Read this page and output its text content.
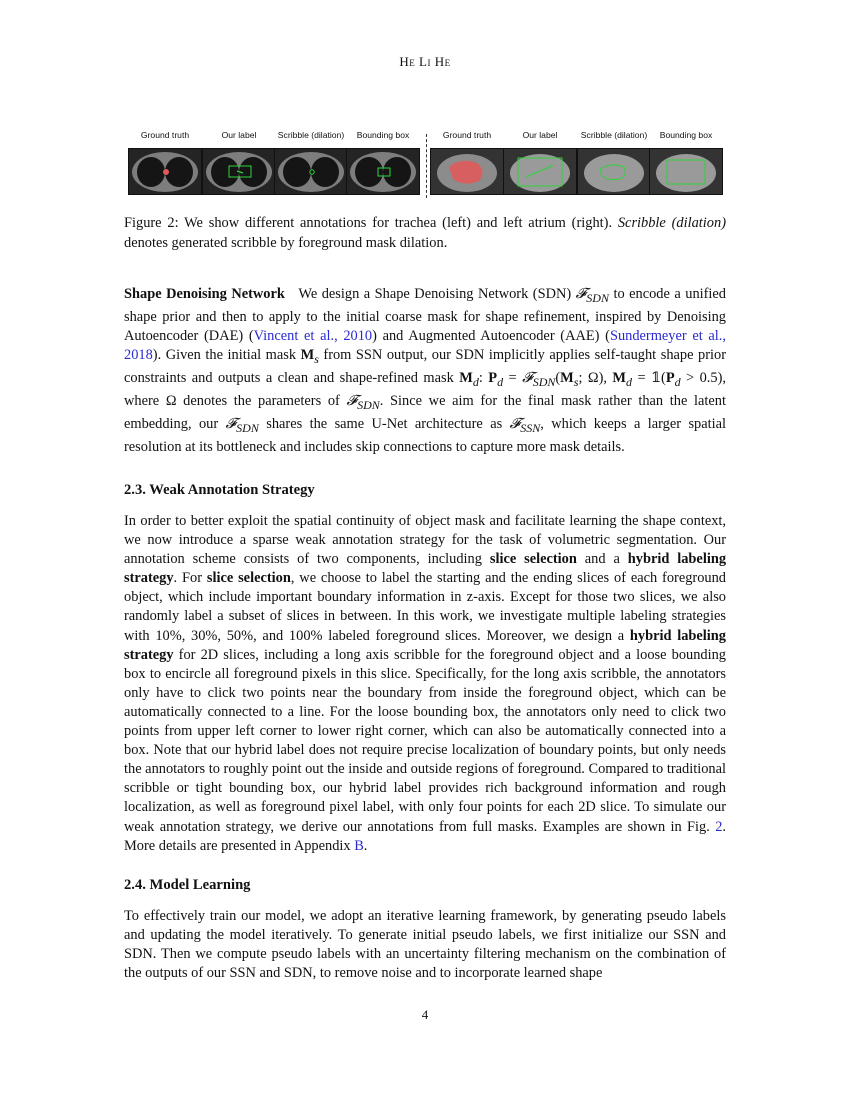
He Li He
Ground truth	Our label	Scribble (dilation)	Bounding box	Ground truth	Our label	Scribble (dilation)	Bounding box
Figure 2: We show different annotations for trachea (left) and left atrium (right). Scribble (dilation) denotes generated scribble by foreground mask dilation.

Shape Denoising Network We design a Shape Denoising Network (SDN) 𝓕$_{SDN}$ to encode a unified shape prior and then to apply to the initial coarse mask for shape refinement, inspired by Denoising Autoencoder (DAE) (Vincent et al., 2010) and Augmented Autoencoder (AAE) (Sundermeyer et al., 2018). Given the initial mask $M_s$ from SSN output, our SDN implicitly applies self-taught shape prior constraints and outputs a clean and shape-refined mask $M_d$: $P_d$ = $𝓕_{SDN}(M_s$; Ω), $M_d$ = $𝟙(P_d > 0.5)$, where Ω denotes the parameters of 𝓕$_{SDN}$. Since we aim for the final mask rather than the latent embedding, our 𝓕$_{SDN}$ shares the same U-Net architecture as 𝓕$_{SSN}$, which keeps a larger spatial resolution at its bottleneck and includes skip connections to capture more mask details.

2.3. Weak Annotation Strategy

In order to better exploit the spatial continuity of object mask and facilitate learning the shape context, we now introduce a sparse weak annotation strategy for the task of volumetric segmentation. Our annotation scheme consists of two components, including slice selection and a hybrid labeling strategy. For slice selection, we choose to label the starting and the ending slices of each foreground object, which include important boundary information in z-axis. Except for those two slices, we also randomly label a subset of slices in between. In this work, we investigate multiple labeling strategies with 10%, 30%, 50%, and 100% labeled foreground slices. Moreover, we design a hybrid labeling strategy for 2D slices, including a long axis scribble for the foreground object and a loose bounding box to encircle all foreground pixels in this slice. Specifically, for the long axis scribble, the annotators only have to click two points near the boundary from inside the foreground object, which can be automatically connected to a line. For the loose bounding box, the annotators only need to click two points from upper left corner to lower right corner, which can also be automatically connected into a box. Note that our hybrid label does not require precise localization of boundary points, but only needs the annotators to roughly point out the inside and outside regions of foreground. Compared to traditional scribble or tight bounding box, our hybrid label provides rich background information and rough localization, as well as foreground pixel label, with only four points for each 2D slice. To simulate our weak annotation strategy, we derive our annotations from full masks. Examples are shown in Fig. 2. More details are presented in Appendix B.

2.4. Model Learning

To effectively train our model, we adopt an iterative learning framework, by generating pseudo labels and updating the model iteratively. To generate initial pseudo labels, we first initialize our SSN and SDN. Then we compute pseudo labels with an uncertainty filtering mechanism on the combination of the outputs of our SSN and SDN, to remove noise and to incorporate learned shape

4
